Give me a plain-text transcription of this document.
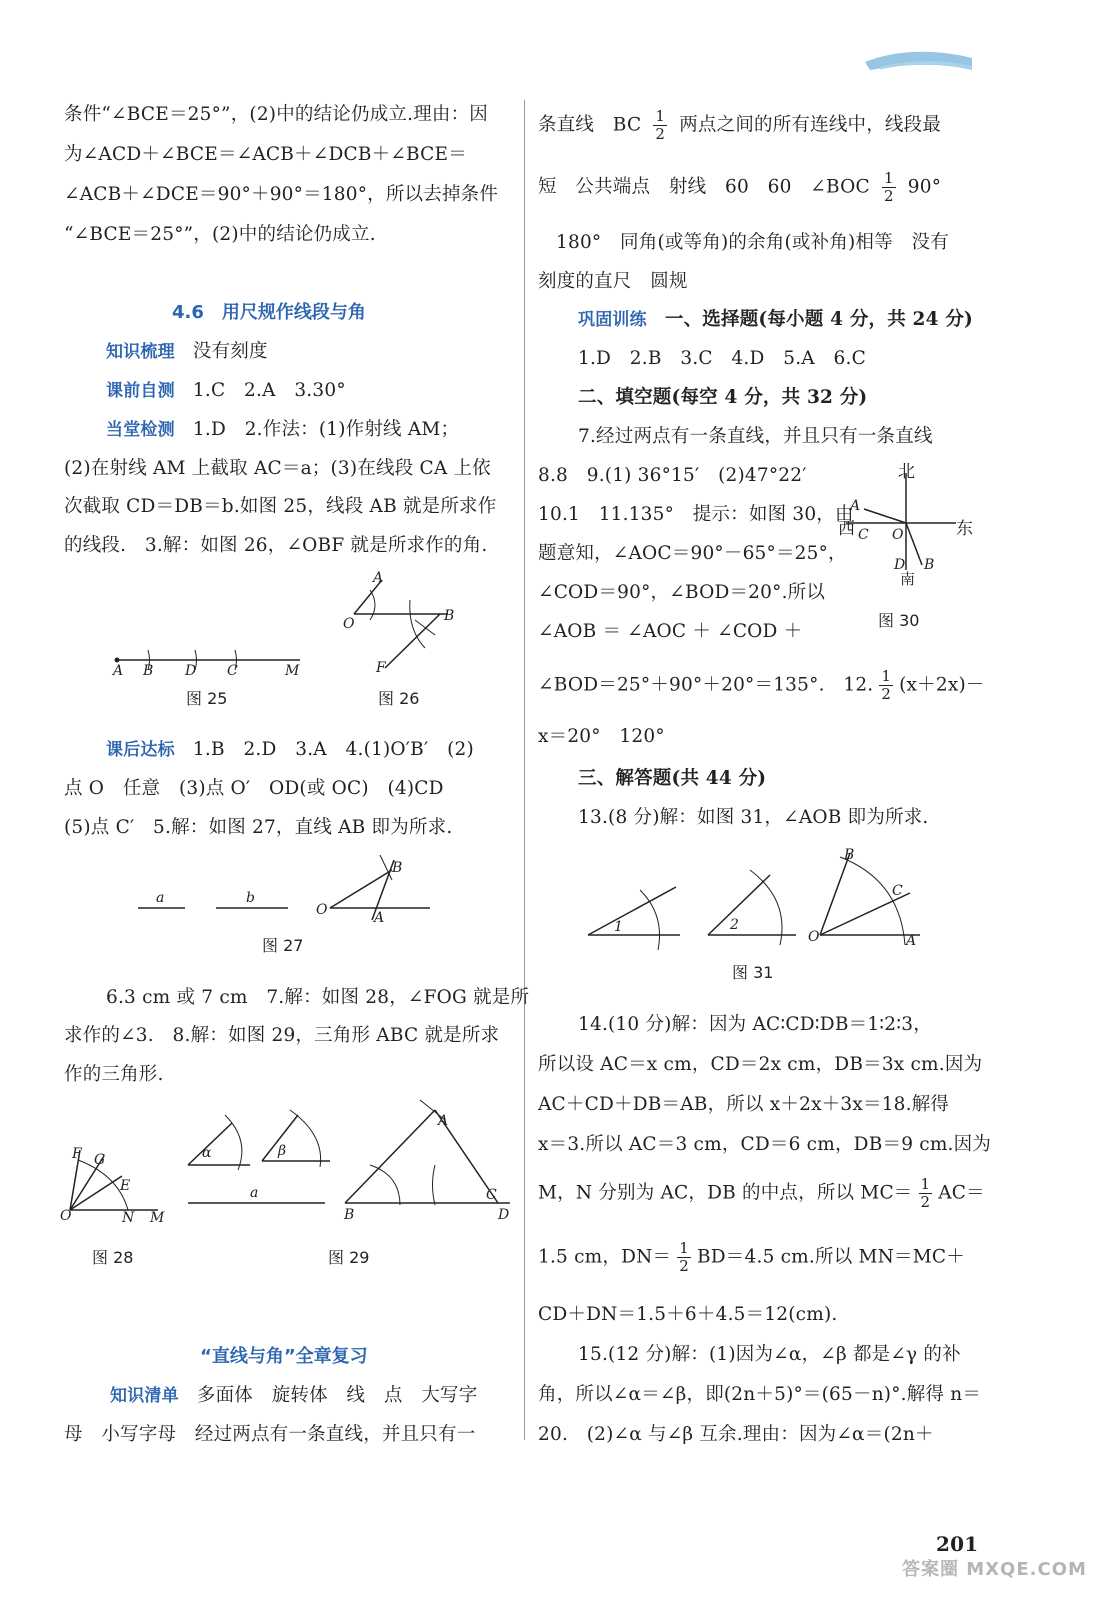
条件“∠BCE＝25°”，(2)中的结论仍成立.理由：因
为∠ACD＋∠BCE＝∠ACB＋∠DCB＋∠BCE＝
∠ACB＋∠DCE＝90°＋90°＝180°，所以去掉条件
“∠BCE＝25°”，(2)中的结论仍成立.
4.6　用尺规作线段与角
知识梳理 没有刻度
课前自测 1.C　2.A　3.30°
当堂检测 1.D　2.作法：(1)作射线 AM；
(2)在射线 AM 上截取 AC＝a；(3)在线段 CA 上依
次截取 CD＝DB＝b.如图 25，线段 AB 就是所求作
的线段.　3.解：如图 26，∠OBF 就是所求作的角.
A B D C	M
图 25
O
A
B
F
图 26
课后达标 1.B　2.D　3.A　4.(1)O′B′　(2)
点 O　任意　(3)点 O′　OD(或 OC)　(4)CD
(5)点 C′　5.解：如图 27，直线 AB 即为所求.
a	b
O
B
A
图 27
6.3 cm 或 7 cm　7.解：如图 28，∠FOG 就是所
求作的∠3.　8.解：如图 29，三角形 ABC 就是所求
作的三角形.
O
F G
E
N M
图 28
α	β
a
A
B
C
D
图 29
“直线与角”全章复习
知识清单 多面体　旋转体　线　点　大写字
母　小写字母　经过两点有一条直线，并且只有一
条直线　BC $\frac{1}{2}$ 两点之间的所有连线中，线段最
短　公共端点　射线　60　60　∠BOC $\frac{1}{2} 90^\circ$
180°　同角(或等角)的余角(或补角)相等　没有
刻度的直尺　圆规
巩固训练 一、选择题(每小题 4 分，共 24 分)
1.D　2.B　3.C　4.D　5.A　6.C
二、填空题(每空 4 分，共 32 分)
7.经过两点有一条直线，并且只有一条直线
8.8　9.(1) 36°15′　(2)47°22′
10.1　11.135°　提示：如图 30，由
题意知，∠AOC＝90°－65°＝25°，
∠COD＝90°，∠BOD＝20°.所以
∠AOB ＝ ∠AOC ＋ ∠COD ＋
A
C O
D B
北
西	东
南
图 30
∠BOD＝25°＋90°＋20°＝135°.　12. $\frac{1}{2} (x+2x)-$
x＝20°　120°
三、解答题(共 44 分)
13.(8 分)解：如图 31，∠AOB 即为所求.
1	2
O
B
C
A
图 31
14.(10 分)解：因为 AC∶CD∶DB＝1∶2∶3，
所以设 AC＝x cm，CD＝2x cm，DB＝3x cm.因为
AC＋CD＋DB＝AB，所以 x＋2x＋3x＝18.解得
x＝3.所以 AC＝3 cm，CD＝6 cm，DB＝9 cm.因为
M，N 分别为 AC，DB 的中点，所以 $MC= \frac{1}{2} AC=$
1.5 cm，$DN= \frac{1}{2} BD=4.5$ cm.所以 MN＝MC＋
CD＋DN＝1.5＋6＋4.5＝12(cm).
15.(12 分)解：(1)因为∠α，∠β 都是∠γ 的补
角，所以∠α＝∠β，即(2n＋5)°＝(65－n)°.解得 n＝
20.　(2)∠α 与∠β 互余.理由：因为∠α＝(2n＋
201
答案圈 MXQE.COM
